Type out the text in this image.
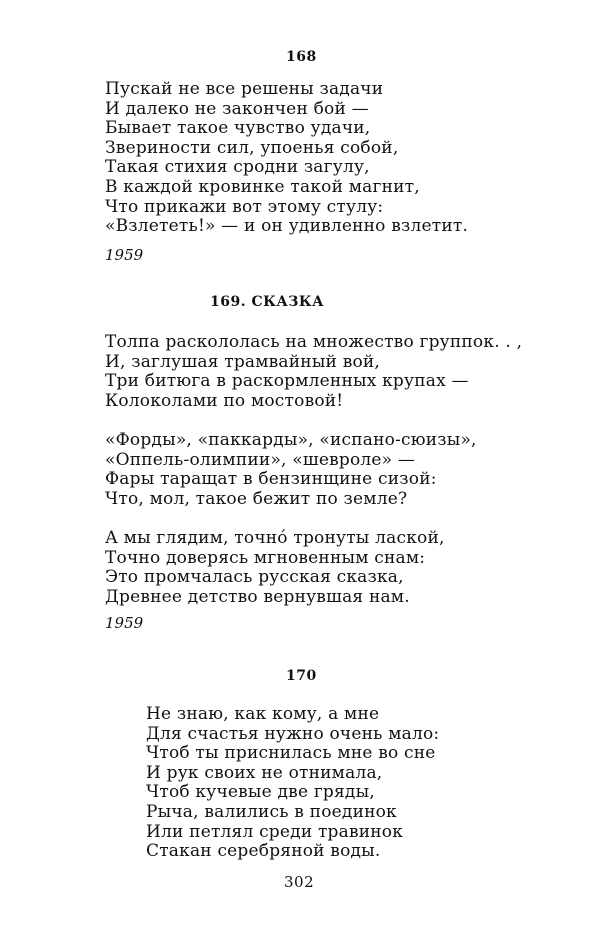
168
Пускай не все решены задачи
И далеко не закончен бой —
Бывает такое чувство удачи,
Звериности сил, упоенья собой,
Такая стихия сродни загулу,
В каждой кровинке такой магнит,
Что прикажи вот этому стулу:
«Взлететь!» — и он удивленно взлетит.
1959
169. СКАЗКА
Толпа раскололась на множество группок. . ,
И, заглушая трамвайный вой,
Три битюга в раскормленных крупах —
Колоколами по мостовой!
«Форды», «паккарды», «испано-сюизы»,
«Оппель-олимпии», «шевроле» —
Фары таращат в бензинщине сизой:
Что, мол, такое бежит по земле?
А мы глядим, точнó тронуты лаской,
Точно доверясь мгновенным снам:
Это промчалась русская сказка,
Древнее детство вернувшая нам.
1959
170
Не знаю, как кому, а мне
Для счастья нужно очень мало:
Чтоб ты приснилась мне во сне
И рук своих не отнимала,
Чтоб кучевые две гряды,
Рыча, валились в поединок
Или петлял среди травинок
Стакан серебряной воды.
302
